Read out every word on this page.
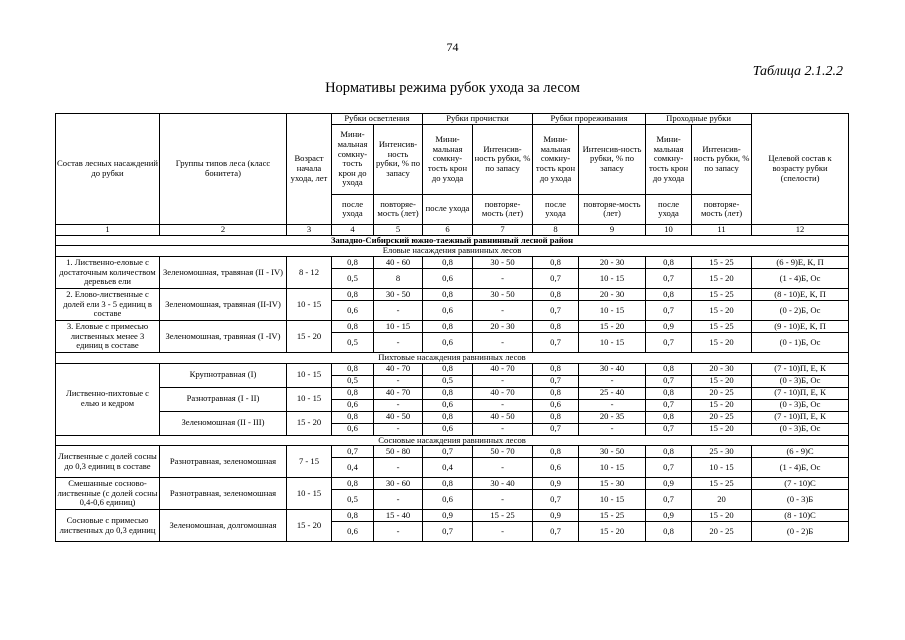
74
Таблица 2.1.2.2
Нормативы режима рубок ухода за лесом
Состав лесных насаждений до рубки	Группы типов леса (класс бонитета)	Возраст начала ухода, лет	Рубки осветления		Рубки прочистки		Рубки прореживания		Проходные рубки		Целевой состав к возрасту рубки (спелости)
			Мини-мальная сомкну-тость крон до ухода	Интенсив-ность рубки, % по запасу	Мини-мальная сомкну-тость крон до ухода	Интенсив-ность рубки, % по запасу	Мини-мальная сомкну-тость крон до ухода	Интенсив-ность рубки, % по запасу	Мини-мальная сомкну-тость крон до ухода	Интенсив-ность рубки, % по запасу	
			после ухода	повторяе-мость (лет)	после ухода	повторяе-мость (лет)	после ухода	повторяе-мость (лет)	после ухода	повторяе-мость (лет)	
1	2	3	4	5	6	7	8	9	10	11	12
Западно-Сибирский южно-таежный равнинный лесной район											
Еловые насаждения равнинных лесов											
1. Лиственно-еловые с достаточным количеством деревьев ели	Зеленомошная, травяная (II - IV)	8 - 12	0,8	40 - 60	0,8	30 - 50	0,8	20 - 30	0,8	15 - 25	(6 - 9)Е, К, П
			0,5	8	0,6	-	0,7	10 - 15	0,7	15 - 20	(1 - 4)Б, Ос
2. Елово-лиственные с долей ели 3 - 5 единиц в составе	Зеленомошная, травяная (II-IV)	10 - 15	0,8	30 - 50	0,8	30 - 50	0,8	20 - 30	0,8	15 - 25	(8 - 10)Е, К, П
			0,6	-	0,6	-	0,7	10 - 15	0,7	15 - 20	(0 - 2)Б, Ос
3. Еловые с примесью лиственных менее 3 единиц в составе	Зеленомошная, травяная (I -IV)	15 - 20	0,8	10 - 15	0,8	20 - 30	0,8	15 - 20	0,9	15 - 25	(9 - 10)Е, К, П
			0,5	-	0,6	-	0,7	10 - 15	0,7	15 - 20	(0 - 1)Б, Ос
Пихтовые насаждения равнинных лесов											
Лиственно-пихтовые с елью и кедром	Крупнотравная (I)	10 - 15	0,8	40 - 70	0,8	40 - 70	0,8	30 - 40	0,8	20 - 30	(7 - 10)П, Е, К
			0,5	-	0,5	-	0,7	-	0,7	15 - 20	(0 - 3)Б, Ос
	Разнотравная (I - II)	10 - 15	0,8	40 - 70	0,8	40 - 70	0,8	25 - 40	0,8	20 - 25	(7 - 10)П, Е, К
			0,6	-	0,6	-	0,6	-	0,7	15 - 20	(0 - 3)Б, Ос
	Зеленомошная (II - III)	15 - 20	0,8	40 - 50	0,8	40 - 50	0,8	20 - 35	0,8	20 - 25	(7 - 10)П, Е, К
			0,6	-	0,6	-	0,7	-	0,7	15 - 20	(0 - 3)Б, Ос
Сосновые насаждения равнинных лесов											
Лиственные с долей сосны до 0,3 единиц в составе	Разнотравная, зеленомошная	7 - 15	0,7	50 - 80	0,7	50 - 70	0,8	30 - 50	0,8	25 - 30	(6 - 9)С
			0,4	-	0,4	-	0,6	10 - 15	0,7	10 - 15	(1 - 4)Б, Ос
Смешанные сосново-лиственные (с долей сосны 0,4-0,6 единиц)	Разнотравная, зеленомошная	10 - 15	0,8	30 - 60	0,8	30 - 40	0,9	15 - 30	0,9	15 - 25	(7 - 10)С
			0,5	-	0,6	-	0,7	10 - 15	0,7	20	(0 - 3)Б
Сосновые с примесью лиственных до 0,3 единиц	Зеленомошная, долгомошная	15 - 20	0,8	15 - 40	0,9	15 - 25	0,9	15 - 25	0,9	15 - 20	(8 - 10)С
			0,6	-	0,7	-	0,7	15 - 20	0,8	20 - 25	(0 - 2)Б
